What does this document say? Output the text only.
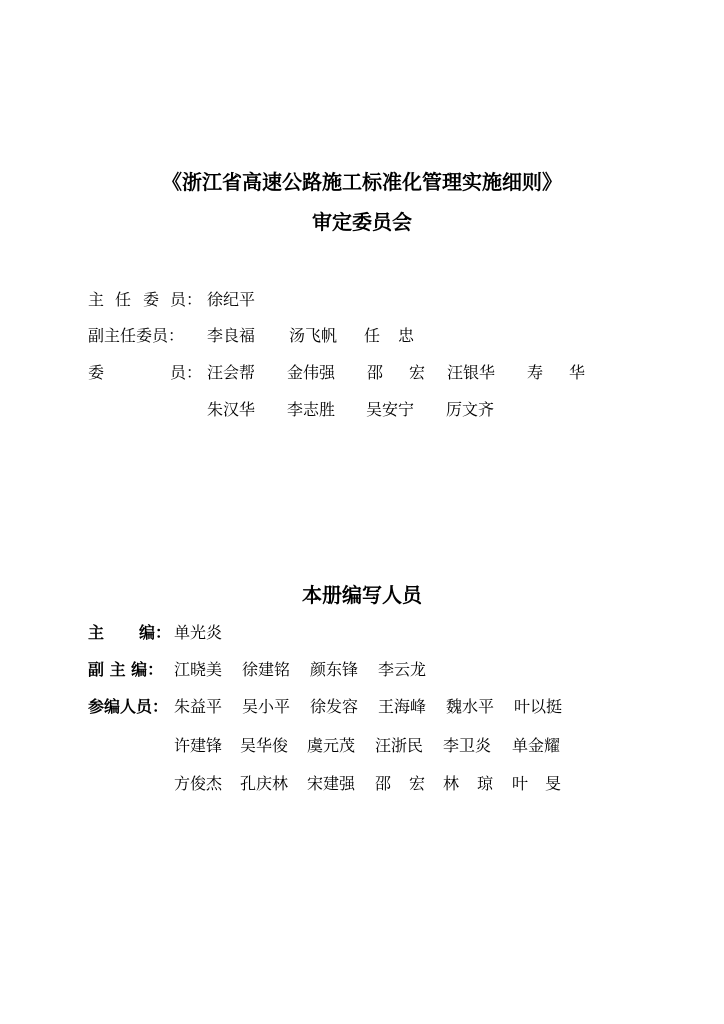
《浙江省高速公路施工标准化管理实施细则》
审定委员会
主 任 委 员： 徐纪平
副主任委员： 李良福 汤飞帆 任 忠
委	员： 汪会帮 金伟强 邵 宏 汪银华 寿 华
朱汉华 李志胜 吴安宁 厉文齐
本册编写人员
主 编： 单光炎
副 主 编： 江晓美 徐建铭 颜东锋 李云龙
参编人员： 朱益平 吴小平 徐发容 王海峰 魏水平 叶以挺
许建锋 吴华俊 虞元茂 汪浙民 李卫炎 单金耀
方俊杰 孔庆林 宋建强 邵 宏 林 琼 叶 旻
